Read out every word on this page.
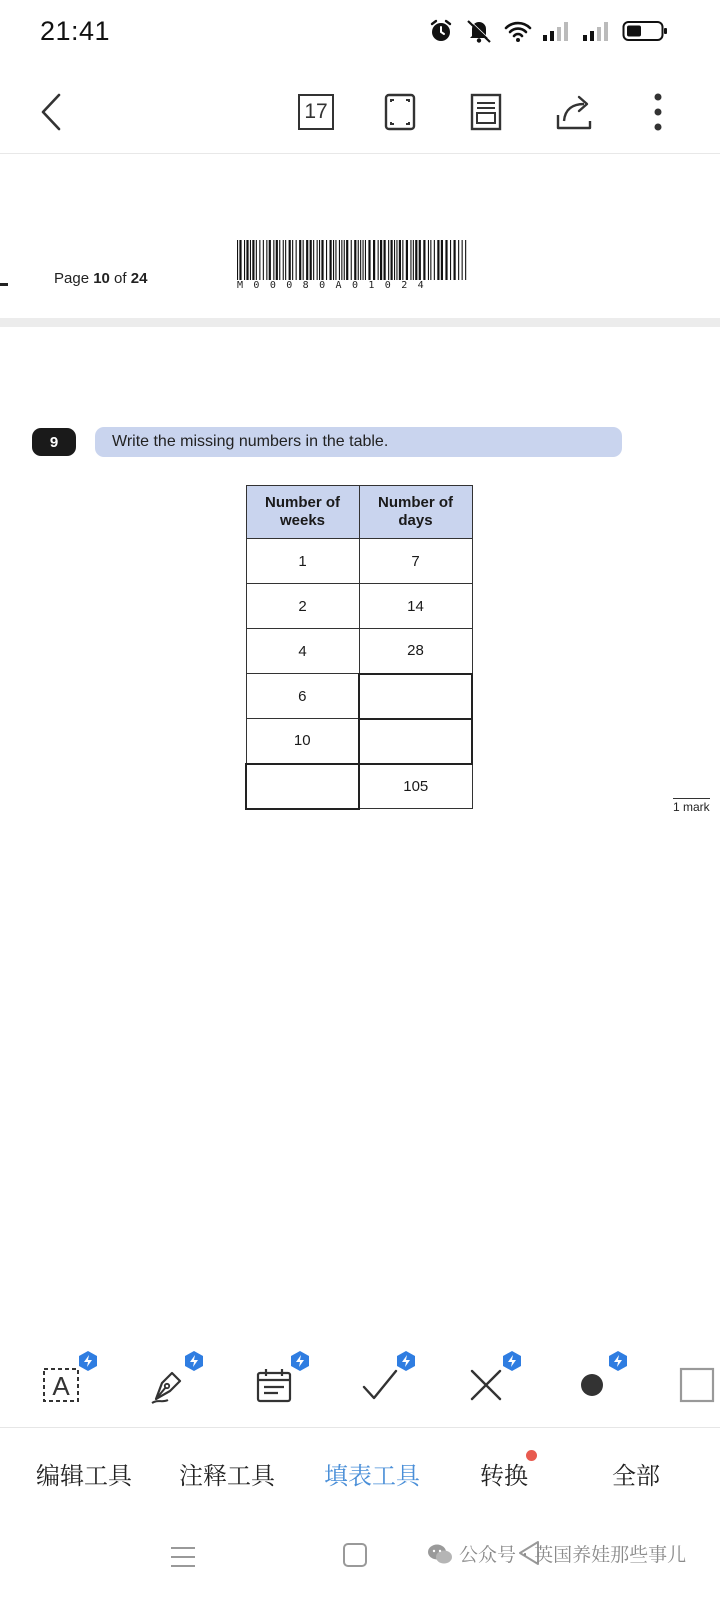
21:41
17
Page 10 of 24	M00080A01024
9	Write the missing numbers in the table.
Number of weeks	Number of days
1	7
2	14
4	28
6	
10	
	105
1 mark
A
编辑工具 注释工具 填表工具	转换	全部
公众号 · 英国养娃那些事儿
